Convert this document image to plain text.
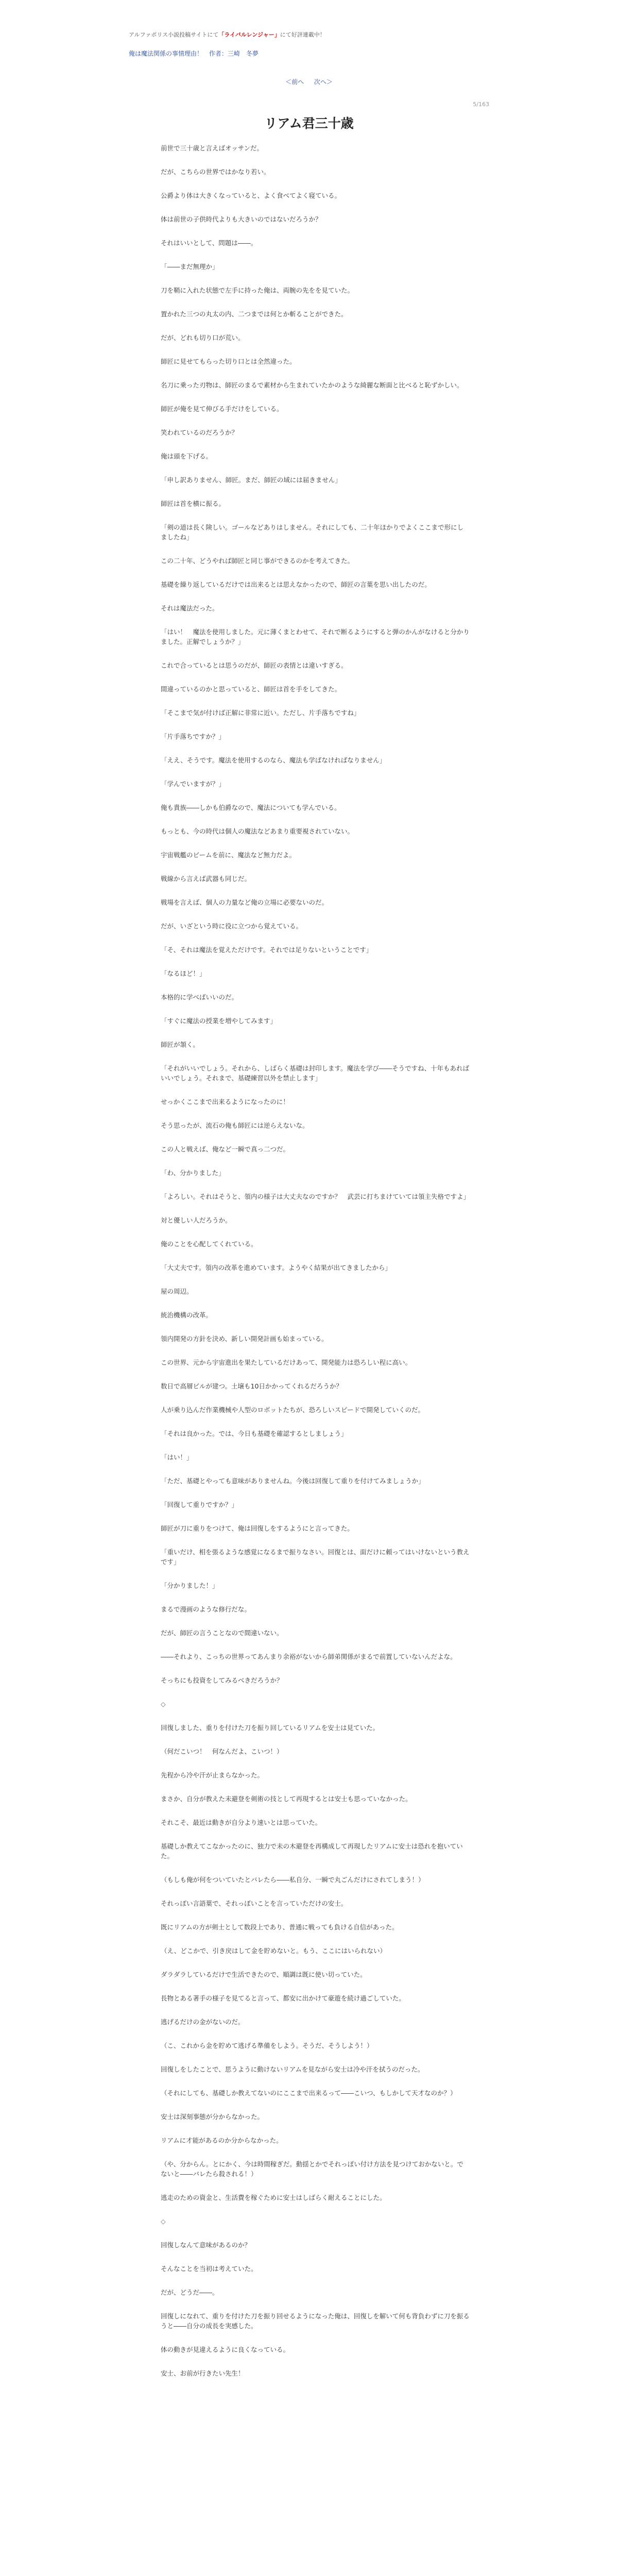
アルファポリス小説投稿サイトにて「ライバルレンジャー」にて好評連載中！
俺は魔法関係の事情理由！ 作者：三崎　冬夢
＜前へ 次へ＞
5/163
リアム君三十歳

前世で三十歳と言えばオッサンだ。

だが、こちらの世界ではかなり若い。

公爵より体は大きくなっていると、よく食べてよく寝ている。

体は前世の子供時代よりも大きいのではないだろうか？

それはいいとして、問題は――。

「――まだ無理か」

刀を鞘に入れた状態で左手に持った俺は、両腕の先をを見ていた。

置かれた三つの丸太の内、二つまでは何とか斬ることができた。

だが、どれも切り口が荒い。

師匠に見せてもらった切り口とは全然違った。

名刀に乗った刃物は、師匠のまるで素材から生まれていたかのような綺麗な断面と比べると恥ずかしい。

師匠が俺を見て伸びる手だけをしている。

笑われているのだろうか？

俺は頭を下げる。

「申し訳ありません、師匠。まだ、師匠の域には届きません」

師匠は首を横に振る。

「剣の道は長く険しい。ゴールなどありはしません。それにしても、二十年ほかりでよくここまで形にしましたね」

この二十年、どうやれば師匠と同じ事ができるのかを考えてきた。

基礎を繰り返しているだけでは出来るとは思えなかったので、師匠の言葉を思い出したのだ。

それは魔法だった。

「はい！　魔法を使用しました。元に薄くまとわせて、それで断るようにすると弾のかんがなけると分かりました。正解でしょうか？」

これで合っているとは思うのだが、師匠の表情とは違いすぎる。

間違っているのかと思っていると、師匠は首を手をしてきた。

「そこまで気が付けば正解に非常に近い。ただし、片手落ちですね」

「片手落ちですか？」

「ええ、そうです。魔法を使用するのなら、魔法も学ばなければなりません」

「学んでいますが？」

俺も貴族――しかも伯爵なので、魔法についても学んでいる。

もっとも、今の時代は個人の魔法などあまり重要視されていない。

宇宙戦艦のビームを前に、魔法など無力だよ。

戦線から言えば武器も同じだ。

戦場を言えば、個人の力量など俺の立場に必要ないのだ。

だが、いざという時に役に立つから覚えている。

「そ、それは魔法を覚えただけです。それでは足りないということです」

「なるほど！」

本格的に学べばいいのだ。

「すぐに魔法の授業を増やしてみます」

師匠が頷く。

「それがいいでしょう。それから、しばらく基礎は封印します。魔法を学び――そうですね、十年もあればいいでしょう。それまで、基礎練習以外を禁止します」

せっかくここまで出来るようになったのに！

そう思ったが、流石の俺も師匠には逆らえないな。

この人と戦えば、俺など一瞬で真っ二つだ。

「わ、分かりました」

「よろしい。それはそうと、領内の様子は大丈夫なのですか？　武芸に打ちまけていては領主失格ですよ」

対と優しい人だろうか。

俺のことを心配してくれている。

「大丈夫です。領内の改革を進めています。ようやく結果が出てきましたから」

屋の周辺。

統治機構の改革。

領内開発の方針を決め、新しい開発計画も始まっている。

この世界、元から宇宙進出を果たしているだけあって、開発能力は恐ろしい程に高い。

数日で高層ビルが建つ。土壌も10日かかってくれるだろうか？

人が乗り込んだ作業機械や人型のロボットたちが、恐ろしいスピードで開発していくのだ。

「それは良かった。では、今日も基礎を確認するとしましょう」

「はい！」

「ただ、基礎とやっても意味がありませんね。今後は回復して重りを付けてみましょうか」

「回復して重りですか？」

師匠が刀に重りをつけて、俺は回復しをするようにと言ってきた。

「重いだけ、相を張るような感覚になるまで振りなさい。回復とは、面だけに頼ってはいけないという教えです」

「分かりました！」

まるで漫画のような修行だな。

だが、師匠の言うことなので間違いない。

――それより、こっちの世界ってあんまり余裕がないから師弟関係がまるで前置していないんだよな。

そっちにも投資をしてみるべきだろうか？

◇

回復しました、重りを付けた刀を振り回しているリアムを安士は見ていた。

（何だこいつ！　何なんだよ、こいつ！）

先程から冷や汗が止まらなかった。

まさか、自分が教えた未避登を剣術の技として再現するとは安士も思っていなかった。

それこそ、最近は動きが自分より速いとは思っていた。

基礎しか教えてこなかったのに、独力で未の木避登を再構成して再現したリアムに安士は恐れを抱いていた。

（もしも俺が何をついていたとバレたら――私自分、一瞬で丸ごんだけにされてしまう！）

それっぽい言語葉で、それっぽいことを言っていただけの安士。

既にリアムの方が剣士として数段上であり、普通に戦っても負ける自信があった。

（え、どこかで、引き戻はして金を貯めないと。もう、ここにはいられない）

ダラダラしているだけで生活できたので、順調は既に使い切っていた。

長物とある著手の様子を見てると言って、都安に出かけて豪遊を続け過ごしていた。

逃げるだけの金がないのだ。

（こ、これから金を貯めて逃げる準備をしよう。そうだ、そうしよう！）

回復しをしたことで、思うように動けないリアムを見ながら安士は冷や汗を拭うのだった。

（それにしても、基礎しか教えてないのにここまで出来るって――こいつ、もしかして天才なのか？）

安士は深刻事態が分からなかった。

リアムに才能があるのか分からなかった。

（や、分からん。とにかく、今は時間稼ぎだ。動揺とかでそれっぽい付け方法を見つけておかないと。でないと――バレたら殺される！）

逃走のための資金と、生活費を稼ぐために安士はしばらく耐えることにした。

◇

回復しなんて意味があるのか？

そんなことを当初は考えていた。

だが、どうだ――。

回復しになれて、重りを付けた刀を振り回せるようになった俺は、回復しを解いて何も背負わずに刀を振るうと――自分の成長を実感した。

体の動きが見違えるように良くなっている。

安士、お前が行きたい先生！
